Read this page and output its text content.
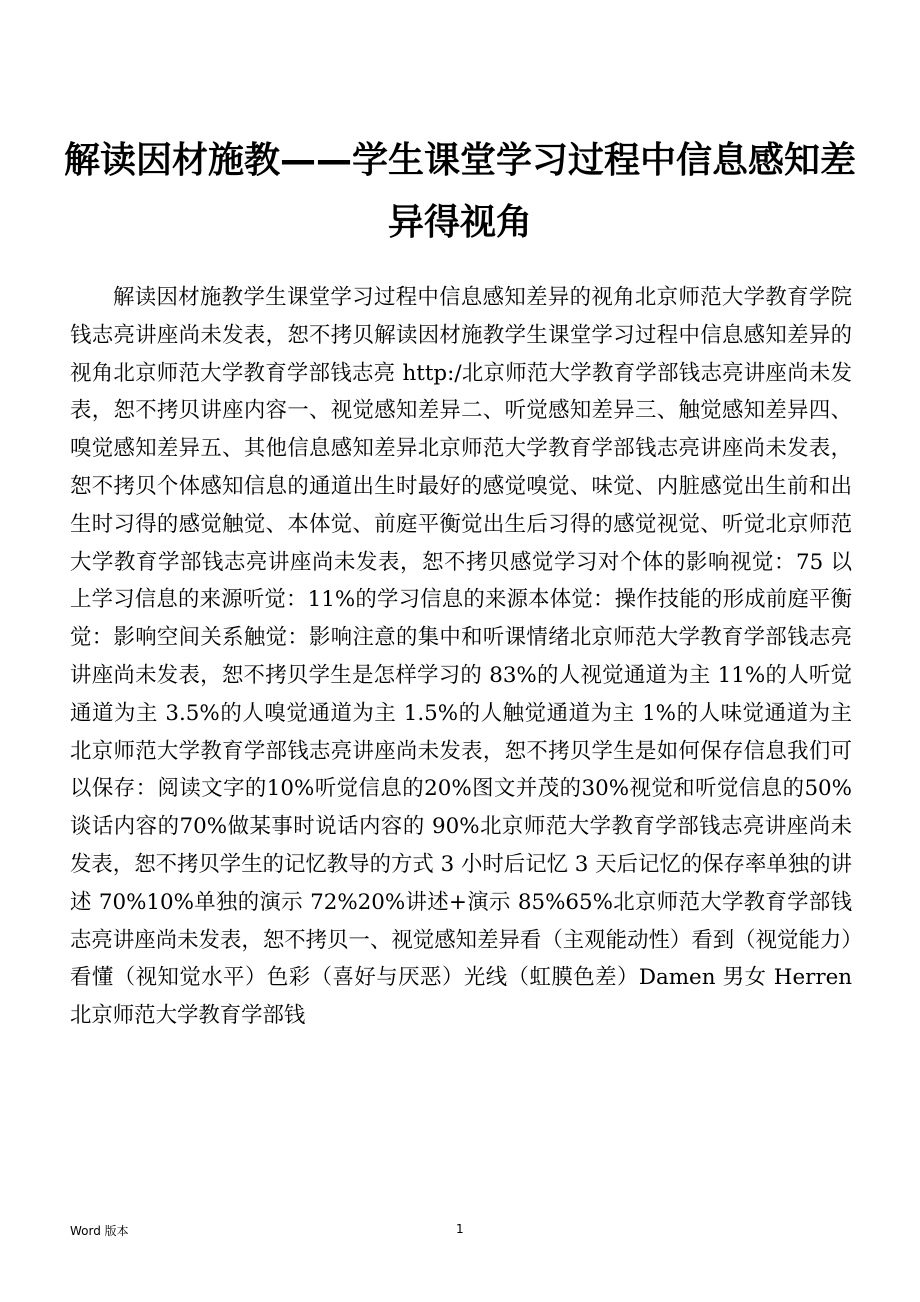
解读因材施教——学生课堂学习过程中信息感知差异得视角

解读因材施教学生课堂学习过程中信息感知差异的视角北京师范大学教育学院钱志亮讲座尚未发表，恕不拷贝解读因材施教学生课堂学习过程中信息感知差异的视角北京师范大学教育学部钱志亮 http:/北京师范大学教育学部钱志亮讲座尚未发表，恕不拷贝讲座内容一、视觉感知差异二、听觉感知差异三、触觉感知差异四、嗅觉感知差异五、其他信息感知差异北京师范大学教育学部钱志亮讲座尚未发表，恕不拷贝个体感知信息的通道出生时最好的感觉嗅觉、味觉、内脏感觉出生前和出生时习得的感觉触觉、本体觉、前庭平衡觉出生后习得的感觉视觉、听觉北京师范大学教育学部钱志亮讲座尚未发表，恕不拷贝感觉学习对个体的影响视觉：75 以上学习信息的来源听觉：11%的学习信息的来源本体觉：操作技能的形成前庭平衡觉：影响空间关系触觉：影响注意的集中和听课情绪北京师范大学教育学部钱志亮讲座尚未发表，恕不拷贝学生是怎样学习的 83%的人视觉通道为主 11%的人听觉通道为主 3.5%的人嗅觉通道为主 1.5%的人触觉通道为主 1%的人味觉通道为主北京师范大学教育学部钱志亮讲座尚未发表，恕不拷贝学生是如何保存信息我们可以保存：阅读文字的10%听觉信息的20%图文并茂的30%视觉和听觉信息的50%谈话内容的70%做某事时说话内容的 90%北京师范大学教育学部钱志亮讲座尚未发表，恕不拷贝学生的记忆教导的方式 3 小时后记忆 3 天后记忆的保存率单独的讲述 70%10%单独的演示 72%20%讲述+演示 85%65%北京师范大学教育学部钱志亮讲座尚未发表，恕不拷贝一、视觉感知差异看（主观能动性）看到（视觉能力）看懂（视知觉水平）色彩（喜好与厌恶）光线（虹膜色差）Damen 男女 Herren 北京师范大学教育学部钱

Word 版本	1
